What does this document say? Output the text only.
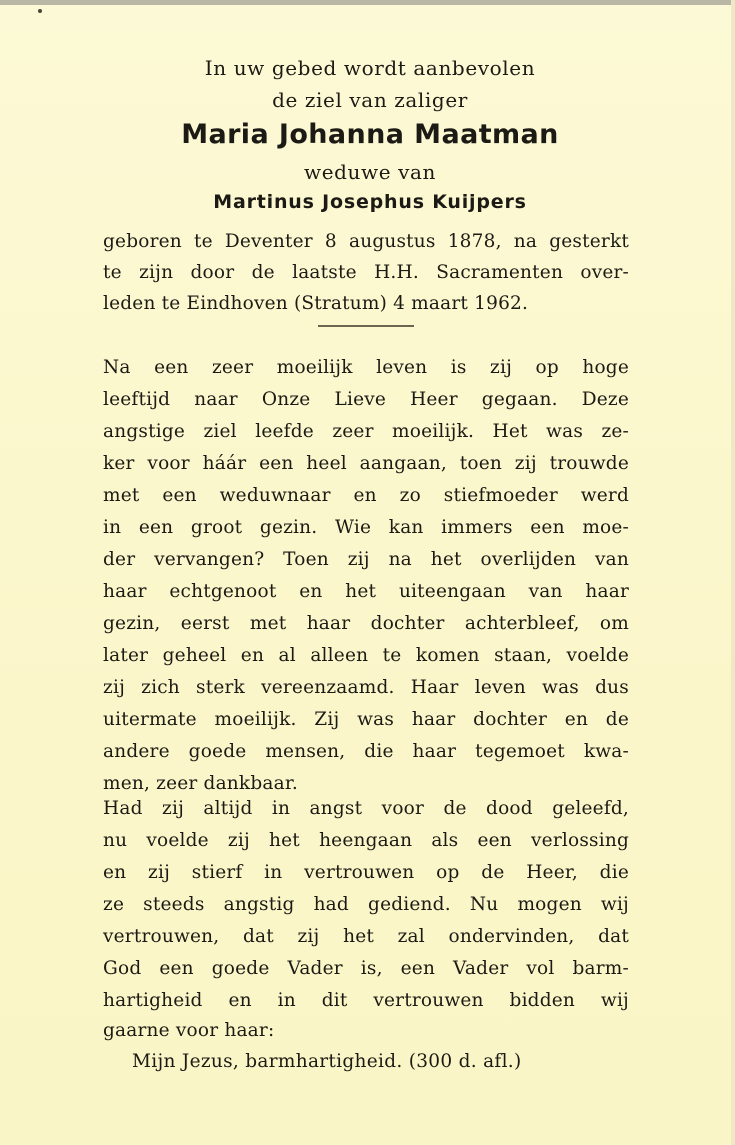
In uw gebed wordt aanbevolen
de ziel van zaliger
Maria Johanna Maatman
weduwe van
Martinus Josephus Kuijpers
geboren te Deventer 8 augustus 1878, na gesterkt
te zijn door de laatste H.H. Sacramenten over-
leden te Eindhoven (Stratum) 4 maart 1962.
Na een zeer moeilijk leven is zij op hoge
leeftijd naar Onze Lieve Heer gegaan. Deze
angstige ziel leefde zeer moeilijk. Het was ze-
ker voor háár een heel aangaan, toen zij trouwde
met een weduwnaar en zo stiefmoeder werd
in een groot gezin. Wie kan immers een moe-
der vervangen? Toen zij na het overlijden van
haar echtgenoot en het uiteengaan van haar
gezin, eerst met haar dochter achterbleef, om
later geheel en al alleen te komen staan, voelde
zij zich sterk vereenzaamd. Haar leven was dus
uitermate moeilijk. Zij was haar dochter en de
andere goede mensen, die haar tegemoet kwa-
men, zeer dankbaar.
Had zij altijd in angst voor de dood geleefd,
nu voelde zij het heengaan als een verlossing
en zij stierf in vertrouwen op de Heer, die
ze steeds angstig had gediend. Nu mogen wij
vertrouwen, dat zij het zal ondervinden, dat
God een goede Vader is, een Vader vol barm-
hartigheid en in dit vertrouwen bidden wij
gaarne voor haar:
Mijn Jezus, barmhartigheid. (300 d. afl.)
